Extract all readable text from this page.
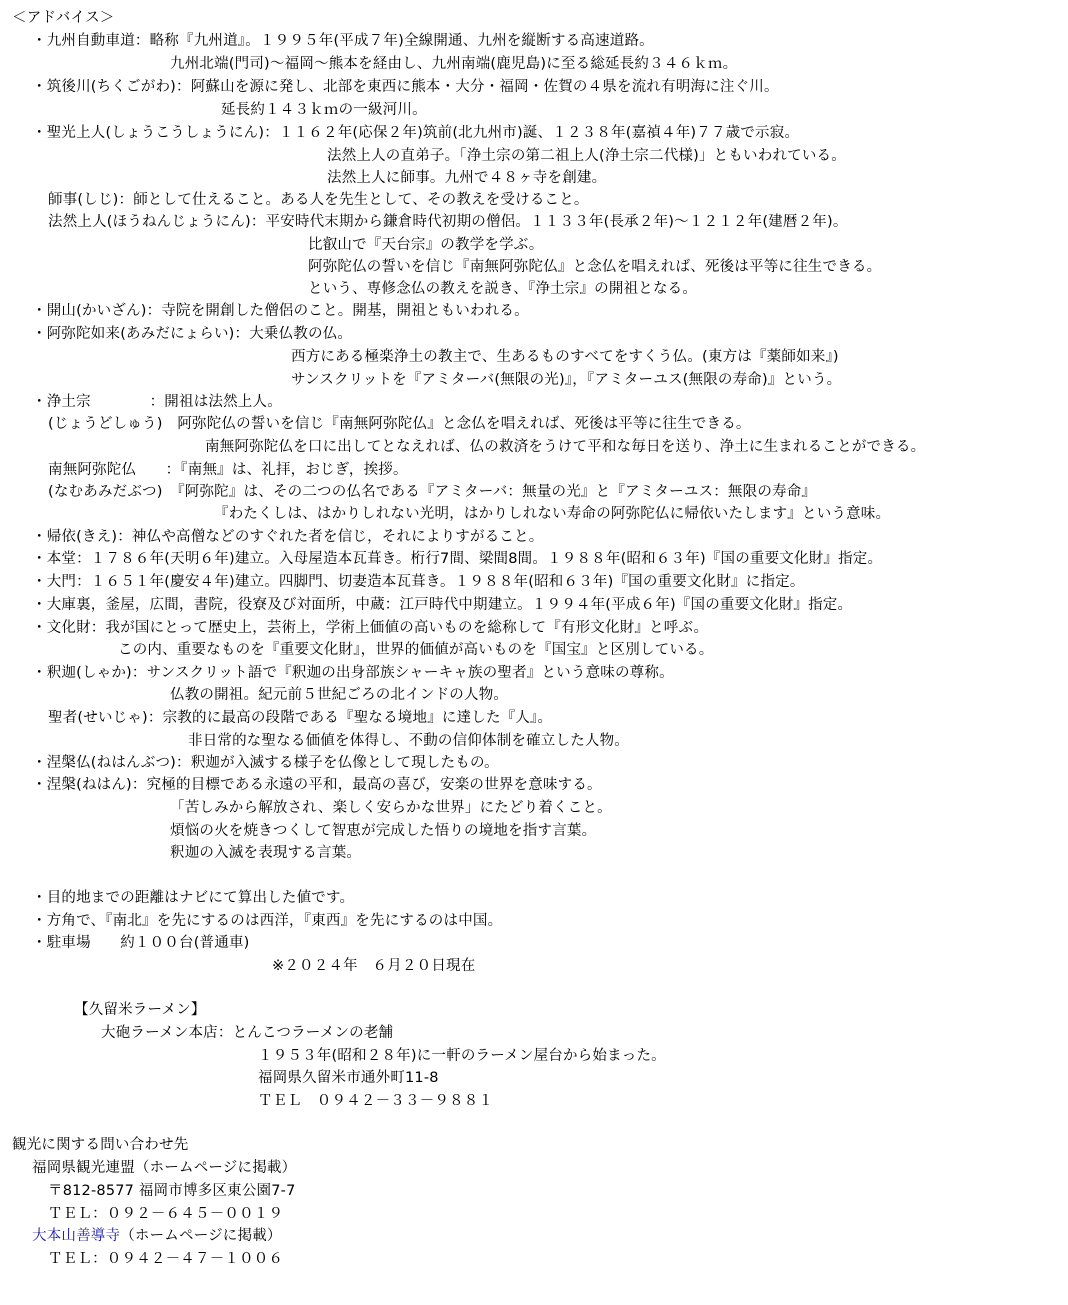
＜アドバイス＞
・九州自動車道：略称『九州道』。１９９５年(平成７年)全線開通、九州を縦断する高速道路。
九州北端(門司)～福岡～熊本を経由し、九州南端(鹿児島)に至る総延長約３４６ｋｍ。
・筑後川(ちくごがわ)：阿蘇山を源に発し、北部を東西に熊本・大分・福岡・佐賀の４県を流れ有明海に注ぐ川。
延長約１４３ｋｍの一級河川。
・聖光上人(しょうこうしょうにん)：１１６２年(応保２年)筑前(北九州市)誕、１２３８年(嘉禎４年)７７歳で示寂。
法然上人の直弟子。「浄土宗の第二祖上人(浄土宗二代様)」ともいわれている。
法然上人に師事。九州で４８ヶ寺を創建。
師事(しじ)：師として仕えること。ある人を先生として、その教えを受けること。
法然上人(ほうねんじょうにん)：平安時代末期から鎌倉時代初期の僧侶。１１３３年(長承２年)～１２１２年(建暦２年)。
比叡山で『天台宗』の教学を学ぶ。
阿弥陀仏の誓いを信じ『南無阿弥陀仏』と念仏を唱えれば、死後は平等に往生できる。
という、専修念仏の教えを説き、『浄土宗』の開祖となる。
・開山(かいざん)：寺院を開創した僧侶のこと。開基，開祖ともいわれる。
・阿弥陀如来(あみだにょらい)：大乗仏教の仏。
西方にある極楽浄土の教主で、生あるものすべてをすくう仏。(東方は『薬師如来』)
サンスクリットを『アミターバ(無限の光)』，『アミターユス(無限の寿命)』という。
・浄土宗　　　　：開祖は法然上人。
(じょうどしゅう)　阿弥陀仏の誓いを信じ『南無阿弥陀仏』と念仏を唱えれば、死後は平等に往生できる。
南無阿弥陀仏を口に出してとなえれば、仏の救済をうけて平和な毎日を送り、浄土に生まれることができる。
南無阿弥陀仏　　：『南無』は、礼拝，おじぎ，挨拶。
(なむあみだぶつ)　『阿弥陀』は、その二つの仏名である『アミターバ：無量の光』と『アミターユス：無限の寿命』
『わたくしは、はかりしれない光明，はかりしれない寿命の阿弥陀仏に帰依いたします』という意味。
・帰依(きえ)：神仏や高僧などのすぐれた者を信じ，それによりすがること。
・本堂：１７８６年(天明６年)建立。入母屋造本瓦葺き。桁行7間、梁間8間。１９８８年(昭和６３年)『国の重要文化財』指定。
・大門：１６５１年(慶安４年)建立。四脚門、切妻造本瓦葺き。１９８８年(昭和６３年)『国の重要文化財』に指定。
・大庫裏，釜屋，広間，書院，役寮及び対面所，中蔵：江戸時代中期建立。１９９４年(平成６年)『国の重要文化財』指定。
・文化財：我が国にとって歴史上，芸術上，学術上価値の高いものを総称して『有形文化財』と呼ぶ。
この内、重要なものを『重要文化財』，世界的価値が高いものを『国宝』と区別している。
・釈迦(しゃか)：サンスクリット語で『釈迦の出身部族シャーキャ族の聖者』という意味の尊称。
仏教の開祖。紀元前５世紀ごろの北インドの人物。
聖者(せいじゃ)：宗教的に最高の段階である『聖なる境地』に達した『人』。
非日常的な聖なる価値を体得し、不動の信仰体制を確立した人物。
・涅槃仏(ねはんぶつ)：釈迦が入滅する様子を仏像として現したもの。
・涅槃(ねはん)：究極的目標である永遠の平和，最高の喜び，安楽の世界を意味する。
「苦しみから解放され、楽しく安らかな世界」にたどり着くこと。
煩悩の火を焼きつくして智恵が完成した悟りの境地を指す言葉。
釈迦の入滅を表現する言葉。
・目的地までの距離はナビにて算出した値です。
・方角で、『南北』を先にするのは西洋，『東西』を先にするのは中国。
・駐車場　　約１００台(普通車)
※２０２４年　６月２０日現在
【久留米ラーメン】
大砲ラーメン本店：とんこつラーメンの老舗
１９５３年(昭和２８年)に一軒のラーメン屋台から始まった。
福岡県久留米市通外町11-8
ＴＥＬ　０９４２－３３－９８８１
観光に関する問い合わせ先
福岡県観光連盟（ホームページに掲載）
〒812-8577 福岡市博多区東公園7-7
ＴＥＬ：０９２－６４５－００１９
大本山善導寺（ホームページに掲載）
ＴＥＬ：０９４２－４７－１００６
